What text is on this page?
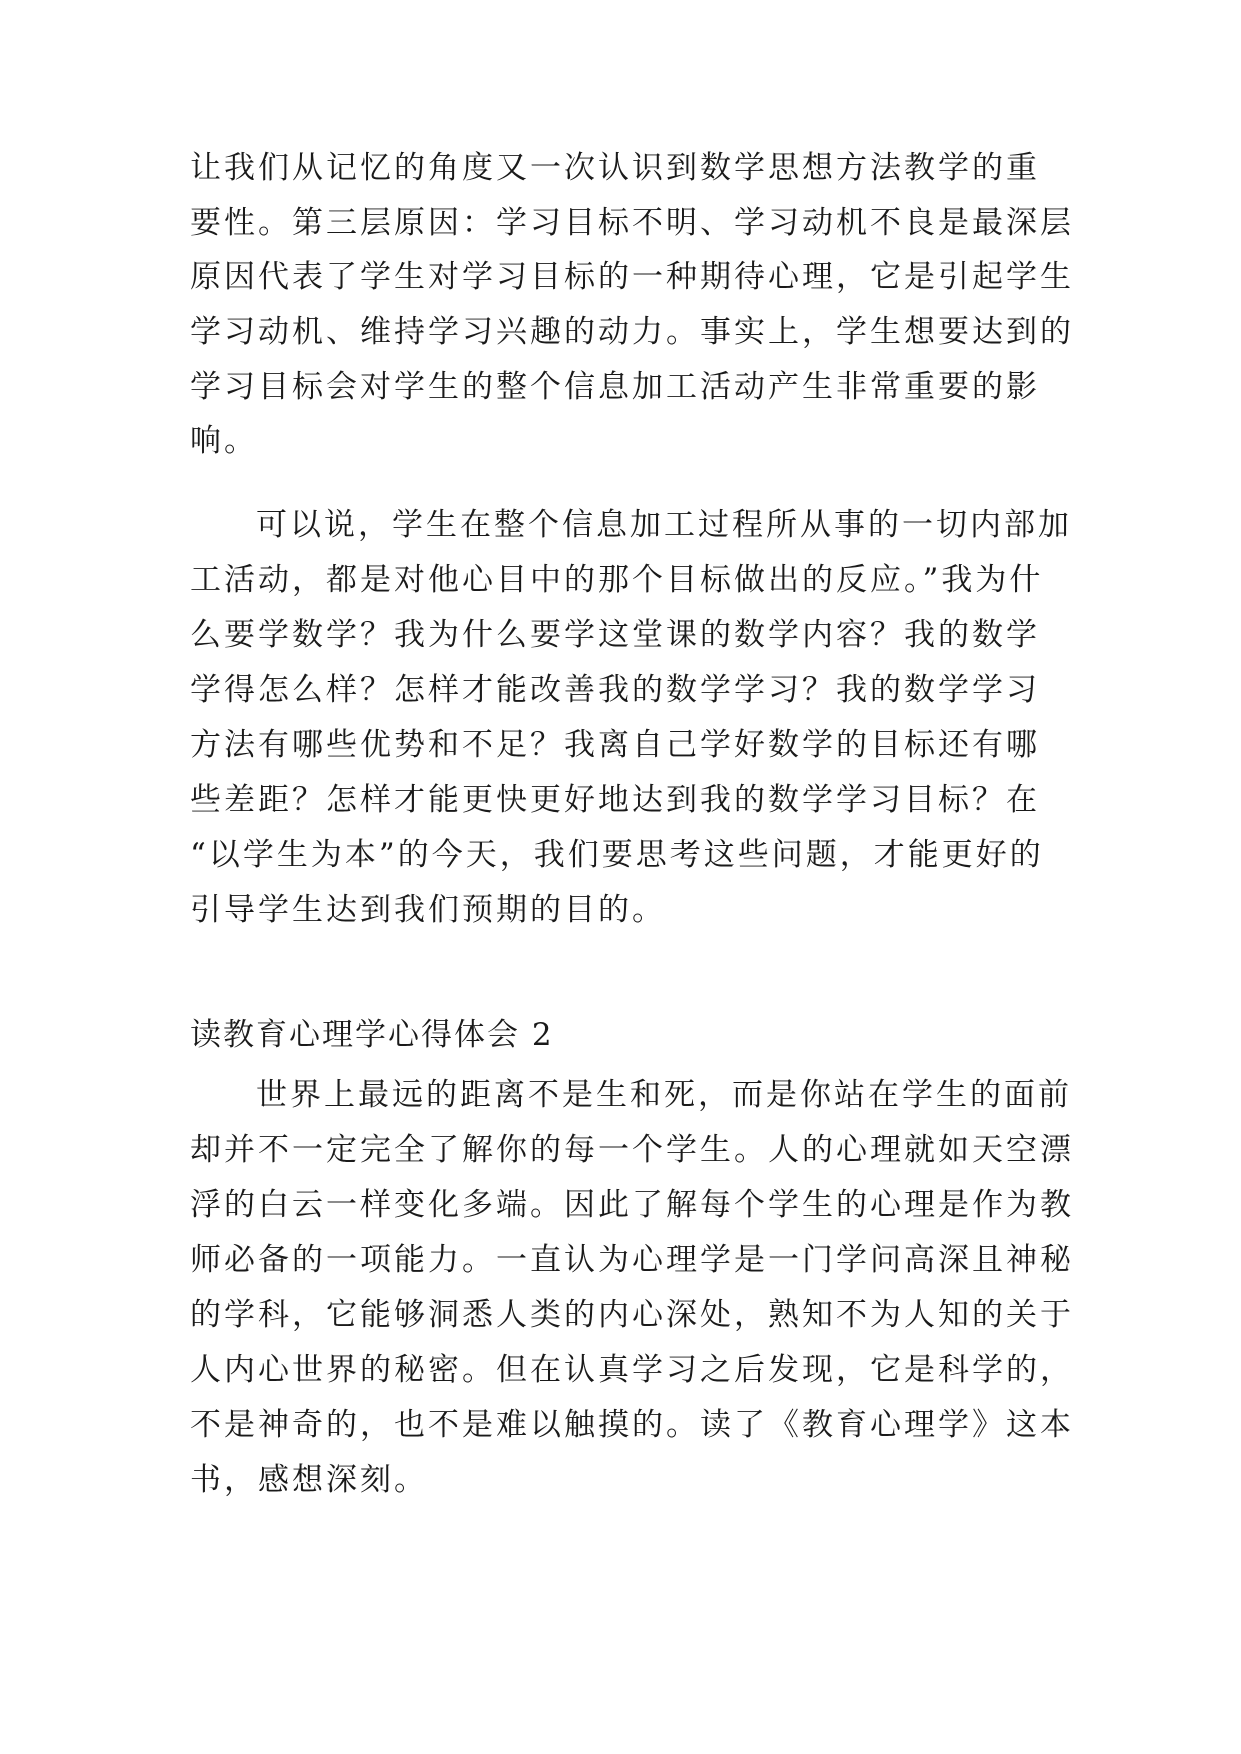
让我们从记忆的角度又一次认识到数学思想方法教学的重
要性。第三层原因：学习目标不明、学习动机不良是最深层
原因代表了学生对学习目标的一种期待心理，它是引起学生
学习动机、维持学习兴趣的动力。事实上，学生想要达到的
学习目标会对学生的整个信息加工活动产生非常重要的影
响。
可以说，学生在整个信息加工过程所从事的一切内部加
工活动，都是对他心目中的那个目标做出的反应。”我为什
么要学数学？我为什么要学这堂课的数学内容？我的数学
学得怎么样？怎样才能改善我的数学学习？我的数学学习
方法有哪些优势和不足？我离自己学好数学的目标还有哪
些差距？怎样才能更快更好地达到我的数学学习目标？在
“以学生为本”的今天，我们要思考这些问题，才能更好的
引导学生达到我们预期的目的。
读教育心理学心得体会 2
世界上最远的距离不是生和死，而是你站在学生的面前
却并不一定完全了解你的每一个学生。人的心理就如天空漂
浮的白云一样变化多端。因此了解每个学生的心理是作为教
师必备的一项能力。一直认为心理学是一门学问高深且神秘
的学科，它能够洞悉人类的内心深处，熟知不为人知的关于
人内心世界的秘密。但在认真学习之后发现，它是科学的，
不是神奇的，也不是难以触摸的。读了《教育心理学》这本
书，感想深刻。
